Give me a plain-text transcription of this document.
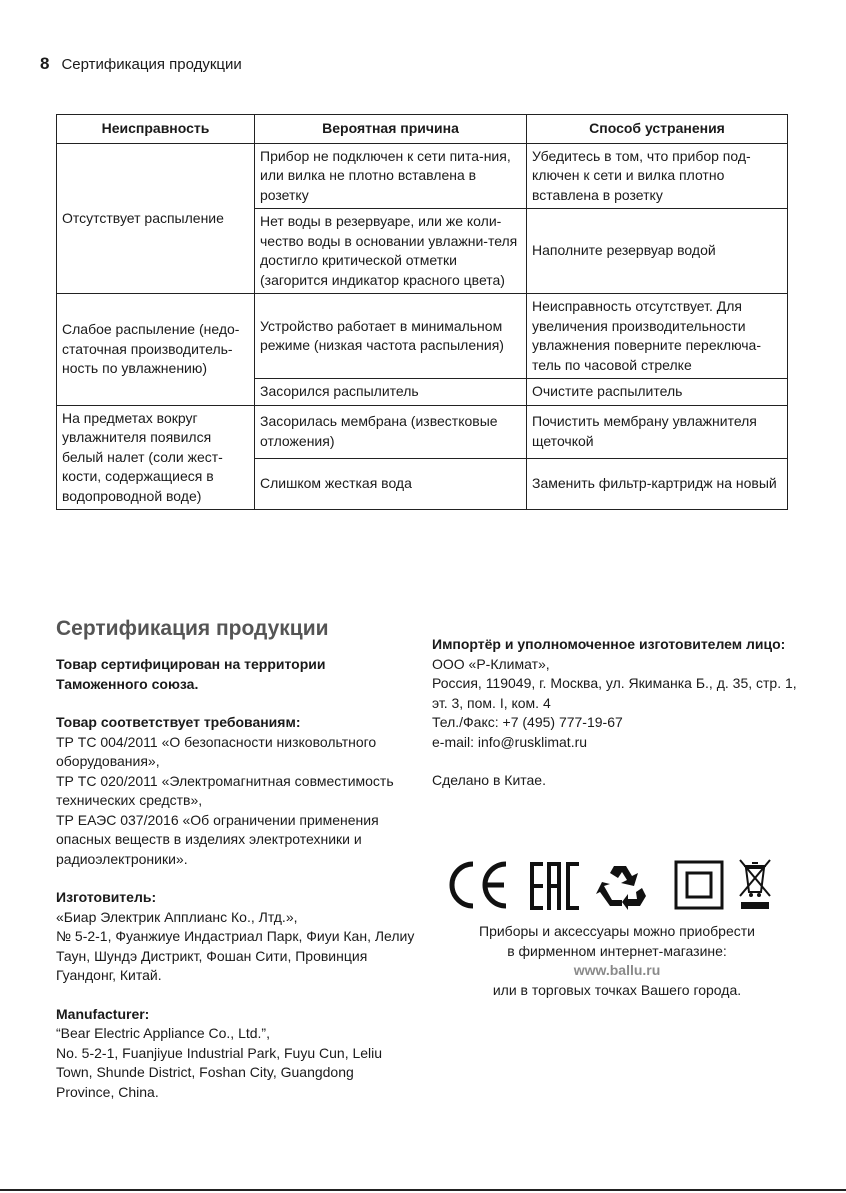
8 Сертификация продукции
Неисправность	Вероятная причина	Способ устранения
Отсутствует распыление	Прибор не подключен к сети пита-ния, или вилка не плотно вставлена в розетку	Убедитесь в том, что прибор под-ключен к сети и вилка плотно вставлена в розетку
	Нет воды в резервуаре, или же коли-чество воды в основании увлажни-теля достигло критической отметки (загорится индикатор красного цвета)	Наполните резервуар водой
Слабое распыление (недо-статочная производитель-ность по увлажнению)	Устройство работает в минимальном режиме (низкая частота распыления)	Неисправность отсутствует. Для увеличения производительности увлажнения поверните переключа-тель по часовой стрелке
	Засорился распылитель	Очистите распылитель
На предметах вокруг увлажнителя появился белый налет (соли жест-кости, содержащиеся в водопроводной воде)	Засорилась мембрана (известковые отложения)	Почистить мембрану увлажнителя щеточкой
	Слишком жесткая вода	Заменить фильтр-картридж на новый
Сертификация продукции
Товар сертифицирован на территории Таможенного союза.
Товар соответствует требованиям:
ТР ТС 004/2011 «О безопасности низковольтного оборудования»,
ТР ТС 020/2011 «Электромагнитная совместимость технических средств»,
ТР ЕАЭС 037/2016 «Об ограничении применения опасных веществ в изделиях электротехники и радиоэлектроники».
Изготовитель:
«Биар Электрик Апплианс Ко., Лтд.»,
№ 5-2-1, Фуанжиуе Индастриал Парк, Фиуи Кан, Лелиу Таун, Шундэ Дистрикт, Фошан Сити, Провинция Гуандонг, Китай.
Manufacturer:
“Bear Electric Appliance Co., Ltd.”,
No. 5-2-1, Fuanjiyue Industrial Park, Fuyu Cun, Leliu Town, Shunde District, Foshan City, Guangdong Province, China.
Импортёр и уполномоченное изготовителем лицо:
ООО «Р-Климат»,
Россия, 119049, г. Москва, ул. Якиманка Б., д. 35, стр. 1, эт. 3, пом. I, ком. 4
Тел./Факс: +7 (495) 777-19-67
e-mail: info@rusklimat.ru
Сделано в Китае.
Приборы и аксессуары можно приобрести
в фирменном интернет-магазине:
www.ballu.ru
или в торговых точках Вашего города.
